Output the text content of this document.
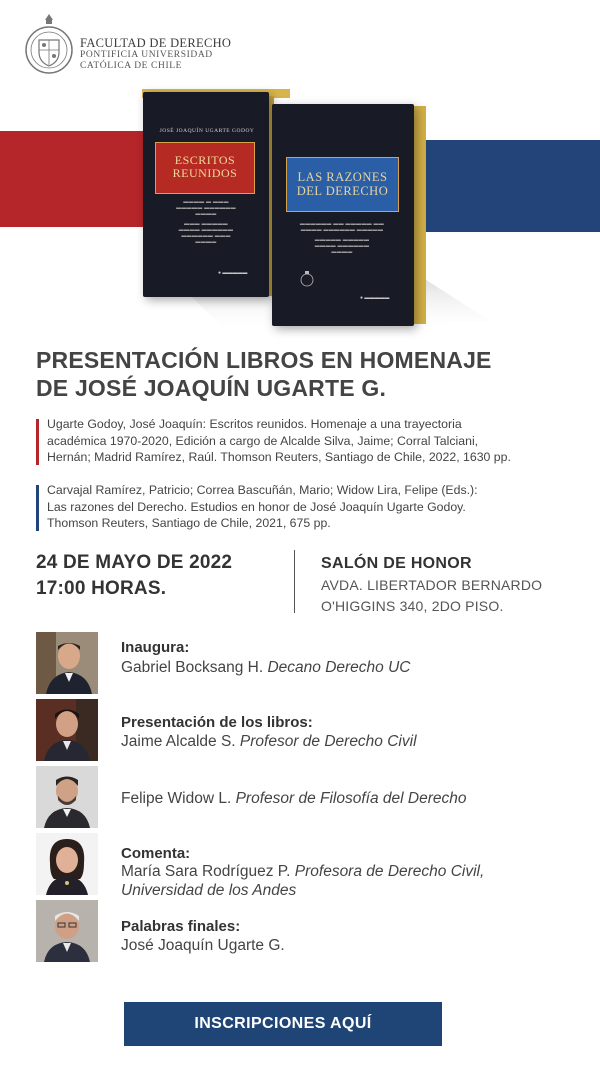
FACULTAD DE DERECHO
PONTIFICIA UNIVERSIDAD
CATÓLICA DE CHILE
JOSÉ JOAQUÍN UGARTE GODOY
ESCRITOS
REUNIDOS
▬▬▬▬ ▬ ▬▬▬
▬▬▬▬▬ ▬▬▬▬▬▬
▬▬▬▬
▬▬▬ ▬▬▬▬▬
▬▬▬▬ ▬▬▬▬▬▬
▬▬▬▬▬▬ ▬▬▬
▬▬▬▬
● ▬▬▬▬▬
LAS RAZONES
DEL DERECHO
▬▬▬▬▬▬ ▬▬ ▬▬▬▬▬ ▬▬
▬▬▬▬ ▬▬▬▬▬▬ ▬▬▬▬▬
▬▬▬▬▬ ▬▬▬▬▬
▬▬▬▬ ▬▬▬▬▬▬
▬▬▬▬
● ▬▬▬▬▬
PRESENTACIÓN LIBROS EN HOMENAJE
DE JOSÉ JOAQUÍN UGARTE G.
Ugarte Godoy, José Joaquín: Escritos reunidos. Homenaje a una trayectoria
académica 1970-2020, Edición a cargo de Alcalde Silva, Jaime; Corral Talciani,
Hernán; Madrid Ramírez, Raúl. Thomson Reuters, Santiago de Chile, 2022, 1630 pp.
Carvajal Ramírez, Patricio; Correa Bascuñán, Mario; Widow Lira, Felipe (Eds.):
Las razones del Derecho. Estudios en honor de José Joaquín Ugarte Godoy.
Thomson Reuters, Santiago de Chile, 2021, 675 pp.
24 DE MAYO DE 2022
17:00 HORAS.
SALÓN DE HONOR
AVDA. LIBERTADOR BERNARDO
O'HIGGINS 340, 2DO PISO.
Inaugura:
Gabriel Bocksang H. Decano Derecho UC
Presentación de los libros:
Jaime Alcalde S. Profesor de Derecho Civil
Felipe Widow L. Profesor de Filosofía del Derecho
Comenta:
María Sara Rodríguez P. Profesora de Derecho Civil,
Universidad de los Andes
Palabras finales:
José Joaquín Ugarte G.
INSCRIPCIONES AQUÍ
